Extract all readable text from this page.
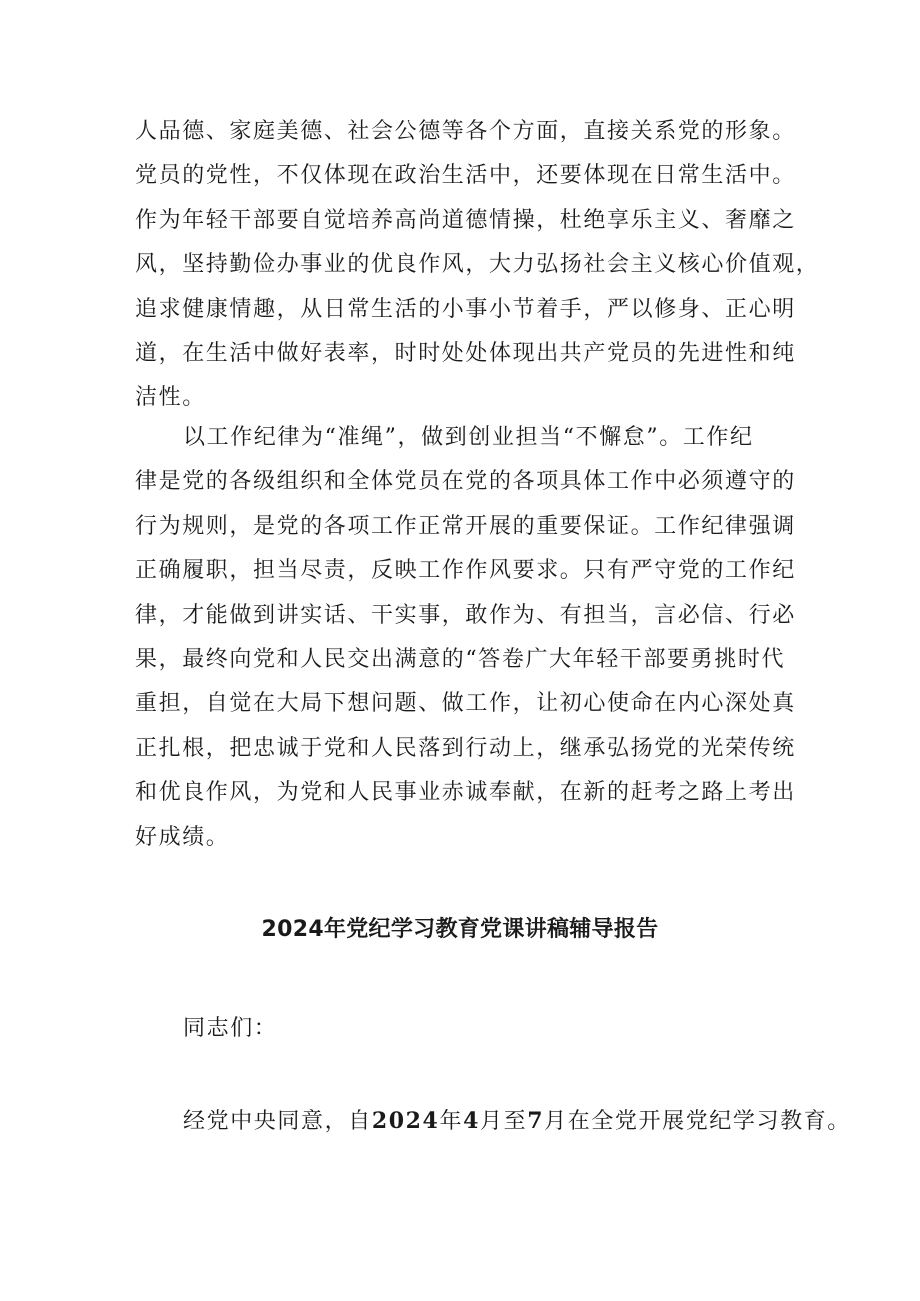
人品德、家庭美德、社会公德等各个方面，直接关系党的形象。
党员的党性，不仅体现在政治生活中，还要体现在日常生活中。
作为年轻干部要自觉培养高尚道德情操，杜绝享乐主义、奢靡之
风，坚持勤俭办事业的优良作风，大力弘扬社会主义核心价值观，
追求健康情趣，从日常生活的小事小节着手，严以修身、正心明
道，在生活中做好表率，时时处处体现出共产党员的先进性和纯
洁性。
以工作纪律为“准绳”，做到创业担当“不懈怠”。工作纪
律是党的各级组织和全体党员在党的各项具体工作中必须遵守的
行为规则，是党的各项工作正常开展的重要保证。工作纪律强调
正确履职，担当尽责，反映工作作风要求。只有严守党的工作纪
律，才能做到讲实话、干实事，敢作为、有担当，言必信、行必
果，最终向党和人民交出满意的“答卷广大年轻干部要勇挑时代
重担，自觉在大局下想问题、做工作，让初心使命在内心深处真
正扎根，把忠诚于党和人民落到行动上，继承弘扬党的光荣传统
和优良作风，为党和人民事业赤诚奉献，在新的赶考之路上考出
好成绩。
2024年党纪学习教育党课讲稿辅导报告
同志们：
经党中央同意，自2024年4月至7月在全党开展党纪学习教育。
